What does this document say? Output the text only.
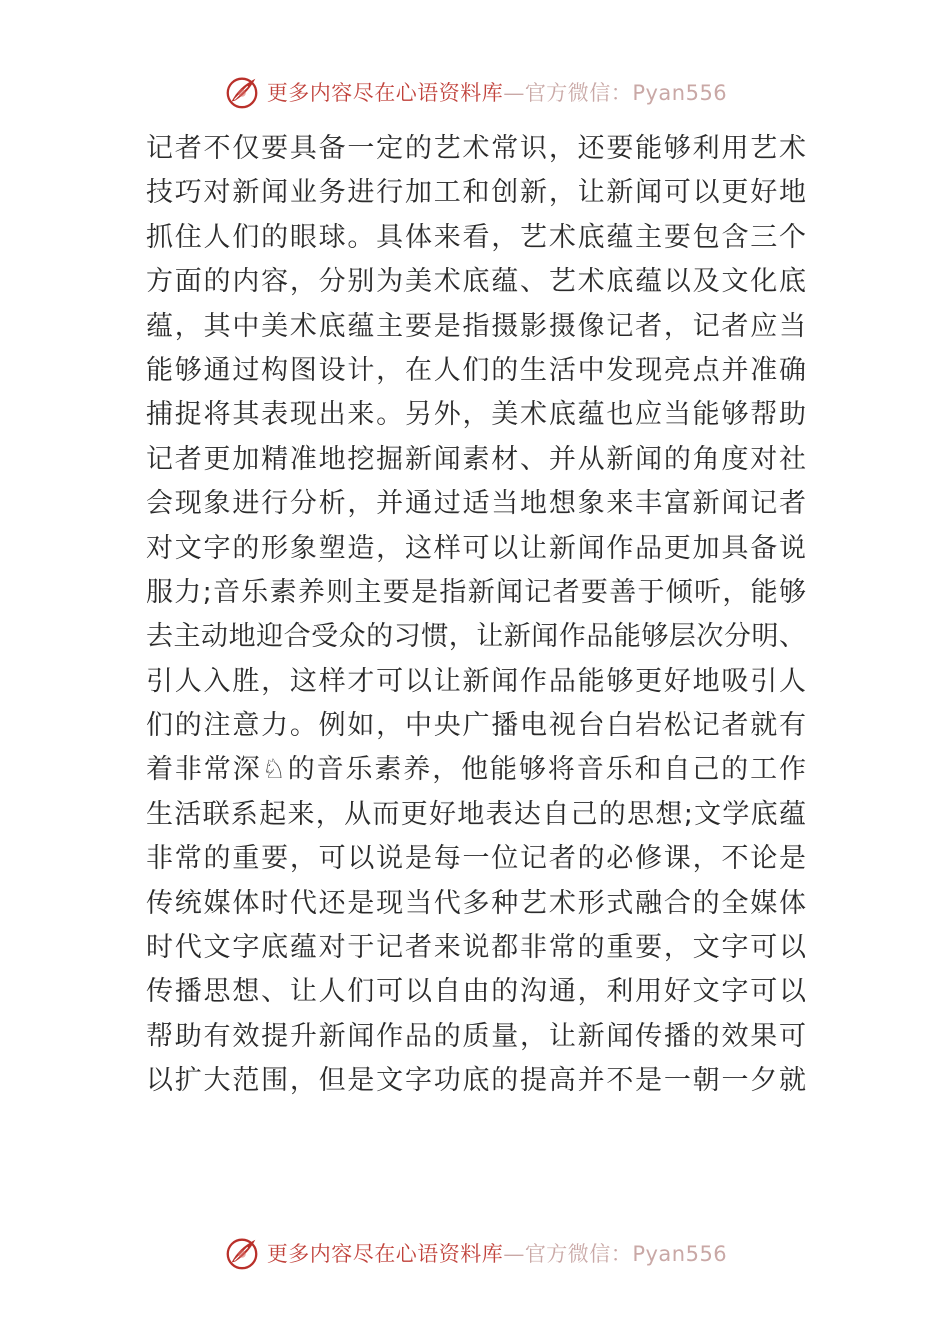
更多内容尽在心语资料库—官方微信：Pyan556
记者不仅要具备一定的艺术常识，还要能够利用艺术
技巧对新闻业务进行加工和创新，让新闻可以更好地
抓住人们的眼球。具体来看，艺术底蕴主要包含三个
方面的内容，分别为美术底蕴、艺术底蕴以及文化底
蕴，其中美术底蕴主要是指摄影摄像记者，记者应当
能够通过构图设计，在人们的生活中发现亮点并准确
捕捉将其表现出来。另外，美术底蕴也应当能够帮助
记者更加精准地挖掘新闻素材、并从新闻的角度对社
会现象进行分析，并通过适当地想象来丰富新闻记者
对文字的形象塑造，这样可以让新闻作品更加具备说
服力;音乐素养则主要是指新闻记者要善于倾听，能够
去主动地迎合受众的习惯，让新闻作品能够层次分明、
引人入胜，这样才可以让新闻作品能够更好地吸引人
们的注意力。例如，中央广播电视台白岩松记者就有
着非常深♘的音乐素养，他能够将音乐和自己的工作
生活联系起来，从而更好地表达自己的思想;文学底蕴
非常的重要，可以说是每一位记者的必修课，不论是
传统媒体时代还是现当代多种艺术形式融合的全媒体
时代文字底蕴对于记者来说都非常的重要，文字可以
传播思想、让人们可以自由的沟通，利用好文字可以
帮助有效提升新闻作品的质量，让新闻传播的效果可
以扩大范围，但是文字功底的提高并不是一朝一夕就
更多内容尽在心语资料库—官方微信：Pyan556
